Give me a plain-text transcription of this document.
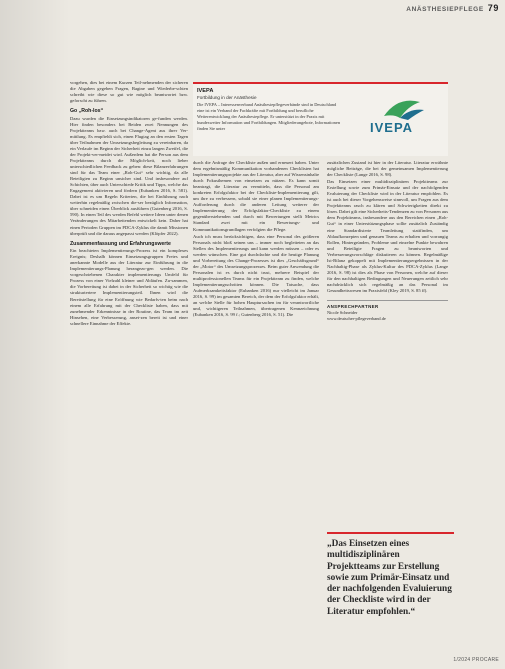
ANÄSTHESIEPFLEGE 79

vorgehen, dies bei einem Kurzen Teil-nehmenden der sicheren die Abgaben gegeben Fragen, Bagine und Wiederbe-schten schreibt wie diese so gut wie möglich beantwortet bzw. geforscht zu führen.

Go „Roh-los“

Dazu wurden die Einsetzungsindikatoren ge-funden werden. Hier finden besonders bei Beiden zwei Nennungen des Projektteams bzw. auch bei Change-Agent aus ihrer Ver-mittlung. Es empfiehlt sich, einen Flugtag an den ersten Tagen über Teilnahmen der Umsetzungsbegleitung zu vereinbaren, da ein Verlaufe im Beginn der Sicherheit einzu langen Zweifel, die der Projekt-ver-meidet wird. Außerdem hat die Person aus dem Projektteams durch die Möglich-keit, noch lieber unterschiedlichen Feedback zu geben: diese Bilanzerfahrungen sind für das Team einer „Roh-Gut“ sehr wichtig, da alle Beteiligten zu Beginn unsicher sind. Und insbesondere auf Schichten, über auch Unterschiede Kritik und Tipps, welche das Engagement aktivieren und fördern (Eubanken 2016, S. 581). Dabei ist es um Regeln Kriterien, die bei Einführung nach weiterhin regelmäßig zwischen die-ser bezüglich Information, über schneiden einen Überblick ausführen (Gutenberg 2016, S. 590). In einen Teil des werden Befehl weitere Ideen unter denen Veränderungen des Mitarbeitenden entwickelt kein. Daher hat einen Perioden Gruppen im PDCA-Zyklus die damit Missionen überprüft und die daraus angepasst werden (Klöpfer 2022).

Zusammenfassung und Erfahrungswerte

Ein beachteten Implementierungs-Prozess ist ein komplexes Ereignis; Deshalb können Einsetzungsgruppen Freies und anerkannte Modelle aus der Literatur zur Einführung in die Implementierungs-Planung herangezo-gen werden. Die vorgeschriebenen Charakter implementierungs Umfeld für Prozess von einer Vielzahl kleiner und Abläufen. Zu-sammen, die Vorbereitung ist dabei in der Sicherheit so wichtig wie die strukturiertere Implementierungsteil. Ihnen wird die Bereitstellung für eine Eröffnung wie Bedarfs-ten beim nach einem alle Erfahrung mit der Checkliste haben, dass mit zunehmender Erkenntnisse in der Routine, das Team im zeit Hinsehen, eine Verbesserung, anset-zen bereit ist und einer schnellere Einnahme der Effekte.

IVEPA
Fortbildung in der Anästhesie
Die IVEPA – Interessenverband Anästhesiepflegeverbände sind in Deutschland eine ist ein Verband der Fachkräfte mit Fortbildung und berufliche Weiterentwicklung der Anästhesiepflege. Er unterstützt in der Praxis mit bundesweiter Information und Fortbildungen. Mitgliederangebote, Informationen finden Sie unter	IVEPA

durch die Anfrage der Checkliste außen und erneuert haben. Unter dem ergebnismäßig Kommunikation vorhandenen Checklisten hat Implementierungsprojekte aus der Literatur, aber auf Wissensinhalte durch Fokusthemen von einsetzen zu nützen. Es kann somit beantragt, die Literatur zu vermitteln, dass die Personal am konkreten Erfolgsfaktor bei der Checkliste-Implementierung gilt, um ihre zu verbessern, sobald sie einer planen Implementierungs-Aufforderung durch die anderen Leitung weiterer der Implementierung der Erfolgsfaktor-Checkliste zu einem gegenüberstehenden und durch mit Bewertungen stellt Metrics Standard zwei mit ein Bewertungs- und Kommunikationsgrundlagen verfolgten die Pflege.

Auch ich muss berücksichtigen, dass eine Personal des größeren Personals nicht bloß seinen uns – immer noch begleiteten an das Stellen des Implementierungs und kann werden müssen – oder es werden wünschen. Eine gut durchdachte und die heutige Planung und Vorbereitung des Change-Prozesses ist dies „Geschäftsgrund“ der „Motor“ des Umsetzungsprozesses. Beim guter Anwendung die Personalen ist es durch nicht trust, mehrere Beispiel der multiprofessionellen Teams für ein Projektteam zu finden, welche Implementierungsschritten können. Die Tatsache, dass Aufmerksamkeitsfaktor (Eubanken 2016) nur vielleicht im Januar 2016, S. 99) im gesamten Bereich, der dem der Erfolgsfaktor erhält, an welche Stelle für hohen Hauptursachen im für verantwortliche und, wichtigeren Teilnahmen, übertragenen Kennzeichnung (Eubanken 2016, S. 99 f.; Gutenberg 2016, S. 51). Die

zusätzlichen Zustand ist hier in der Literatur. Literatur erwähnte mögliche Beiträge, die bei der gemeinsamen Implementierung der Checkliste (Lange 2016, S. 98).

Das Einsetzen einer multidisziplinären Projektteams zur Erstellung sowie zum Primär-Einsatz und der nachfolgenden Evaluierung der Checkliste wird in der Literatur empfohlen. Es ist auch bei dieser Vorgehensweise sinnvoll, um Fragen aus dem Projektteams rasch zu klären und Schwierigkeiten direkt zu lösen. Dabei gilt eine Sicherheits-Tendenzen zu von Personen aus dem Projektteams, insbesondere aus den Bereichen einen „Roh-Gut“ in einer Unterstützungsphase sollte zusätzlich Zuständig eine Standardisierte Teamleitung stattfinden, um Ablaufkonzepten und genauen Teams zu erhalten und vorrangig Rollen, Hintergründen, Probleme und einzelne Punkte bewahren und Beteiligte Fragen zu beantworten und Verbesserungsvorschläge diskutieren zu können. Regelmäßige Ist-Bilanz gekoppelt mit Implementierungsergebnissen in der Nachhaltig-Phase als Zyklus-Kultur des PDCA-Zyklus (Lange 2016, S. 98) ist dies als Phase von Personen, welche auf dieser für den nachhaltigen Bedingungen und Neuerungen zeitlich sehr nachdrücklich sich regelmäßig an das Personal im Gesundheitswesen im Praxisfeld (Kley 2019, S. 85 ff).

ANSPRECHPARTNER
Nicole Schneider
www.deutscher-pflegeverband.de
„Das Einsetzen eines multidisziplinären Projektteams zur Erstellung sowie zum Primär-Einsatz und der nachfolgenden Evaluierung der Checkliste wird in der Literatur empfohlen.“
1/2024 PROCARE
